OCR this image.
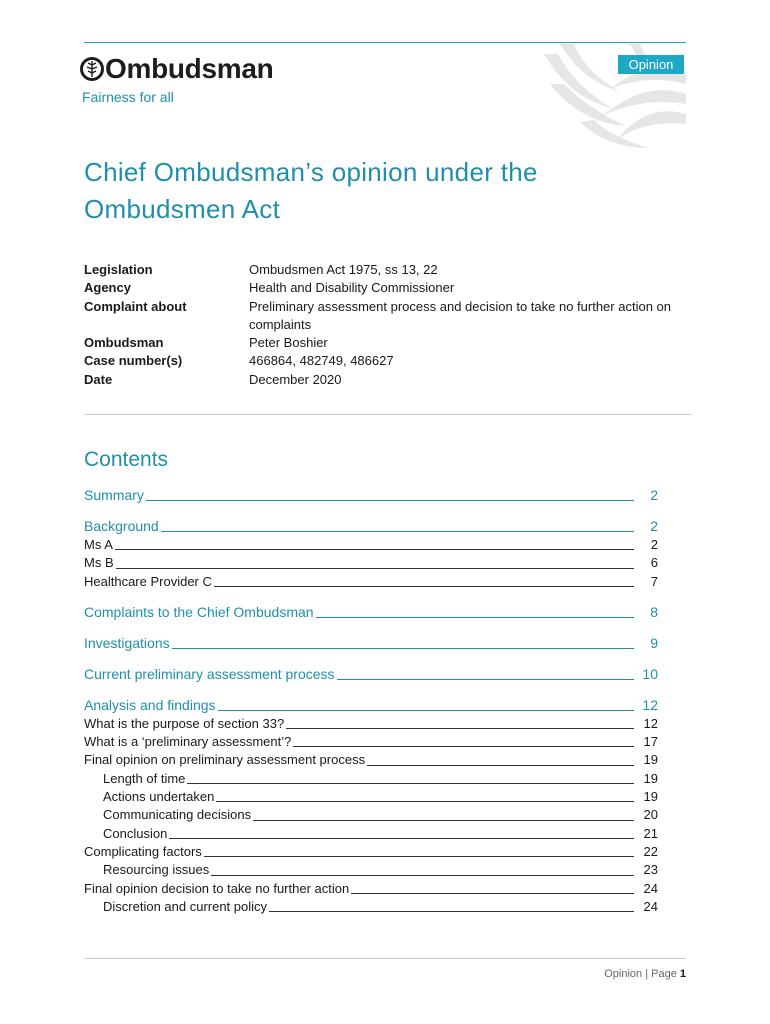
Ombudsman
Fairness for all
Opinion
Chief Ombudsman’s opinion under the Ombudsmen Act
Legislation	Ombudsmen Act 1975, ss 13, 22
Agency	Health and Disability Commissioner
Complaint about	Preliminary assessment process and decision to take no further action on complaints
Ombudsman	Peter Boshier
Case number(s)	466864, 482749, 486627
Date	December 2020
Contents
Summary	2
Background	2
Ms A	2
Ms B	6
Healthcare Provider C	7
Complaints to the Chief Ombudsman	8
Investigations	9
Current preliminary assessment process	10
Analysis and findings	12
What is the purpose of section 33?	12
What is a ‘preliminary assessment’?	17
Final opinion on preliminary assessment process	19
Length of time	19
Actions undertaken	19
Communicating decisions	20
Conclusion	21
Complicating factors	22
Resourcing issues	23
Final opinion decision to take no further action	24
Discretion and current policy	24
Opinion | Page 1
